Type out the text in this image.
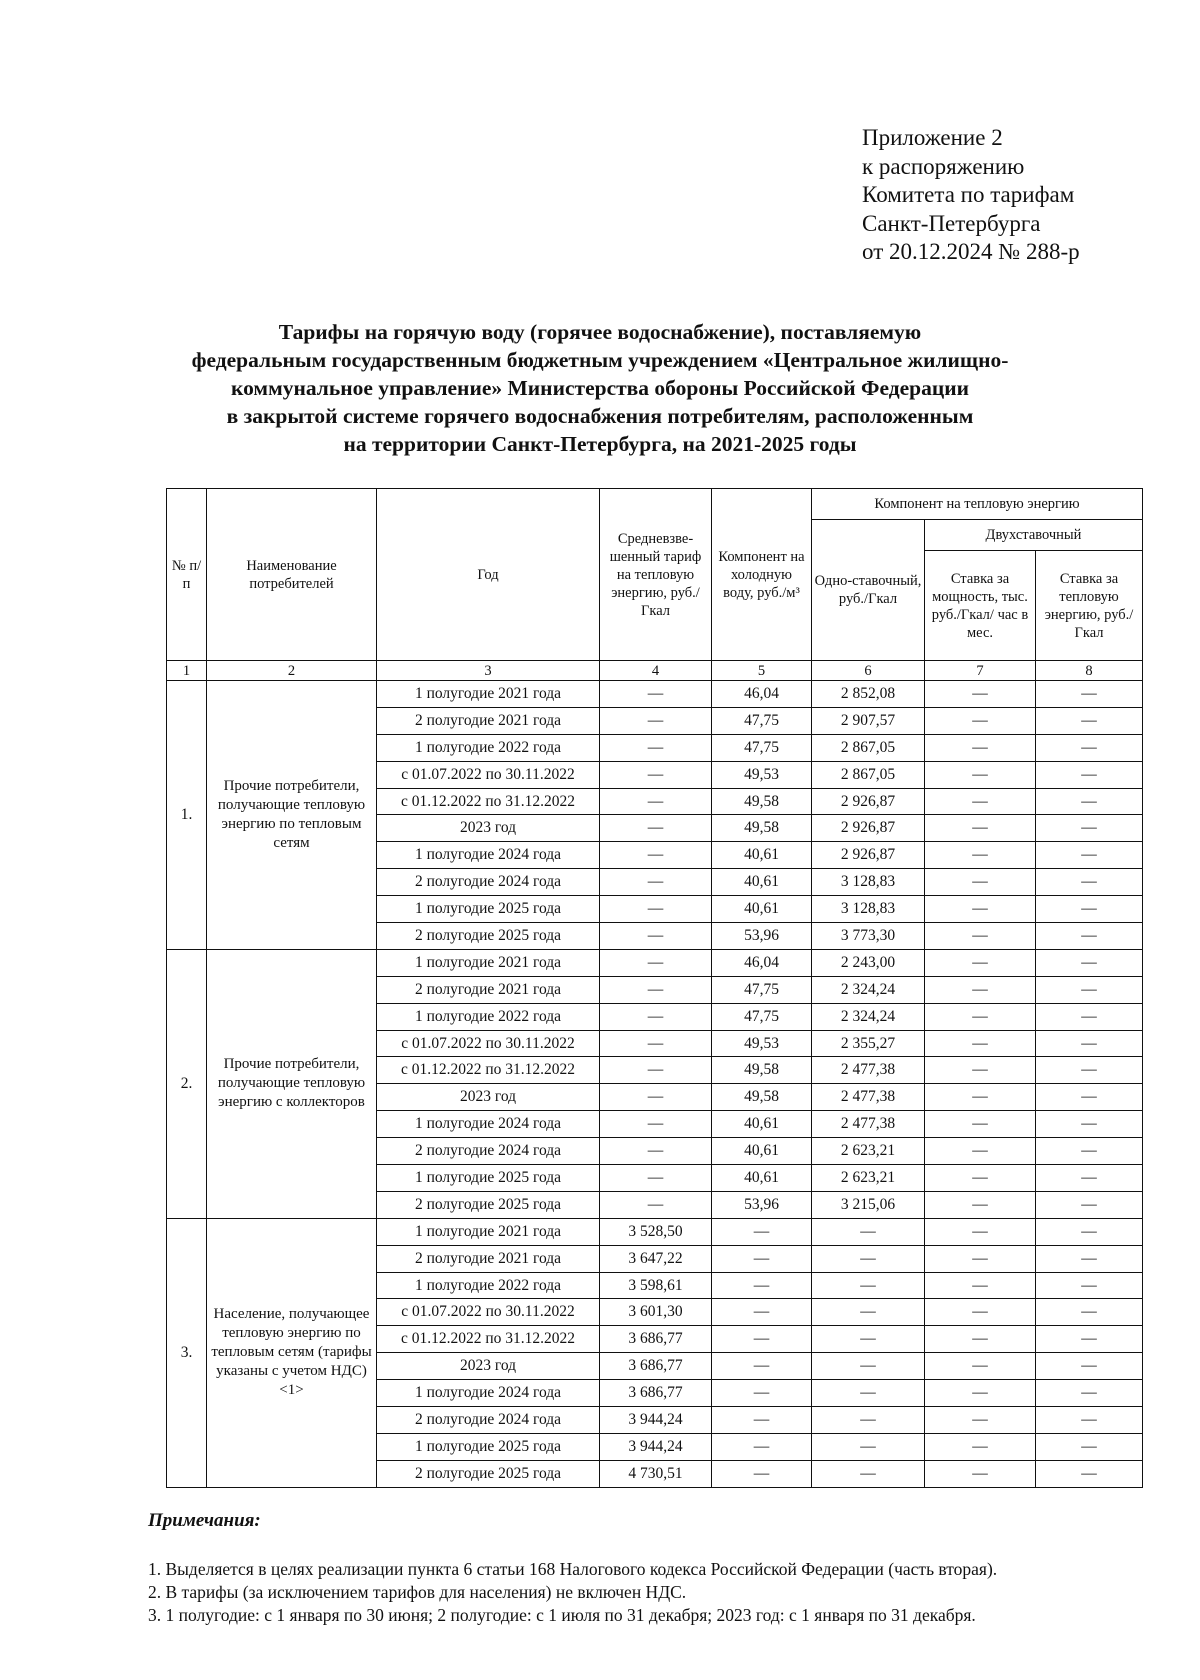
Приложение 2
к распоряжению
Комитета по тарифам
Санкт-Петербурга
от 20.12.2024 № 288-р
Тарифы на горячую воду (горячее водоснабжение), поставляемую
федеральным государственным бюджетным учреждением «Центральное жилищно-
коммунальное управление» Министерства обороны Российской Федерации
в закрытой системе горячего водоснабжения потребителям, расположенным
на территории Санкт-Петербурга, на 2021-2025 годы
№ п/п	Наименование потребителей	Год	Средневзве-шенный тариф на тепловую энергию, руб./Гкал	Компонент на холодную воду, руб./м³	Компонент на тепловую энергию		
					Одно-ставочный, руб./Гкал	Двухставочный	
						Ставка за мощность, тыс. руб./Гкал/ час в мес.	Ставка за тепловую энергию, руб./Гкал
1	2	3	4	5	6	7	8
1.	Прочие потребители, получающие тепловую энергию по тепловым сетям	1 полугодие 2021 года	—	46,04	2 852,08	—	—
		2 полугодие 2021 года	—	47,75	2 907,57	—	—
		1 полугодие 2022 года	—	47,75	2 867,05	—	—
		с 01.07.2022 по 30.11.2022	—	49,53	2 867,05	—	—
		с 01.12.2022 по 31.12.2022	—	49,58	2 926,87	—	—
		2023 год	—	49,58	2 926,87	—	—
		1 полугодие 2024 года	—	40,61	2 926,87	—	—
		2 полугодие 2024 года	—	40,61	3 128,83	—	—
		1 полугодие 2025 года	—	40,61	3 128,83	—	—
		2 полугодие 2025 года	—	53,96	3 773,30	—	—
2.	Прочие потребители, получающие тепловую энергию с коллекторов	1 полугодие 2021 года	—	46,04	2 243,00	—	—
		2 полугодие 2021 года	—	47,75	2 324,24	—	—
		1 полугодие 2022 года	—	47,75	2 324,24	—	—
		с 01.07.2022 по 30.11.2022	—	49,53	2 355,27	—	—
		с 01.12.2022 по 31.12.2022	—	49,58	2 477,38	—	—
		2023 год	—	49,58	2 477,38	—	—
		1 полугодие 2024 года	—	40,61	2 477,38	—	—
		2 полугодие 2024 года	—	40,61	2 623,21	—	—
		1 полугодие 2025 года	—	40,61	2 623,21	—	—
		2 полугодие 2025 года	—	53,96	3 215,06	—	—
3.	Население, получающее тепловую энергию по тепловым сетям (тарифы указаны с учетом НДС) <1>	1 полугодие 2021 года	3 528,50	—	—	—	—
		2 полугодие 2021 года	3 647,22	—	—	—	—
		1 полугодие 2022 года	3 598,61	—	—	—	—
		с 01.07.2022 по 30.11.2022	3 601,30	—	—	—	—
		с 01.12.2022 по 31.12.2022	3 686,77	—	—	—	—
		2023 год	3 686,77	—	—	—	—
		1 полугодие 2024 года	3 686,77	—	—	—	—
		2 полугодие 2024 года	3 944,24	—	—	—	—
		1 полугодие 2025 года	3 944,24	—	—	—	—
		2 полугодие 2025 года	4 730,51	—	—	—	—
Примечания:
1. Выделяется в целях реализации пункта 6 статьи 168 Налогового кодекса Российской Федерации (часть вторая).
2. В тарифы (за исключением тарифов для населения) не включен НДС.
3. 1 полугодие: с 1 января по 30 июня; 2 полугодие: с 1 июля по 31 декабря; 2023 год: с 1 января по 31 декабря.
